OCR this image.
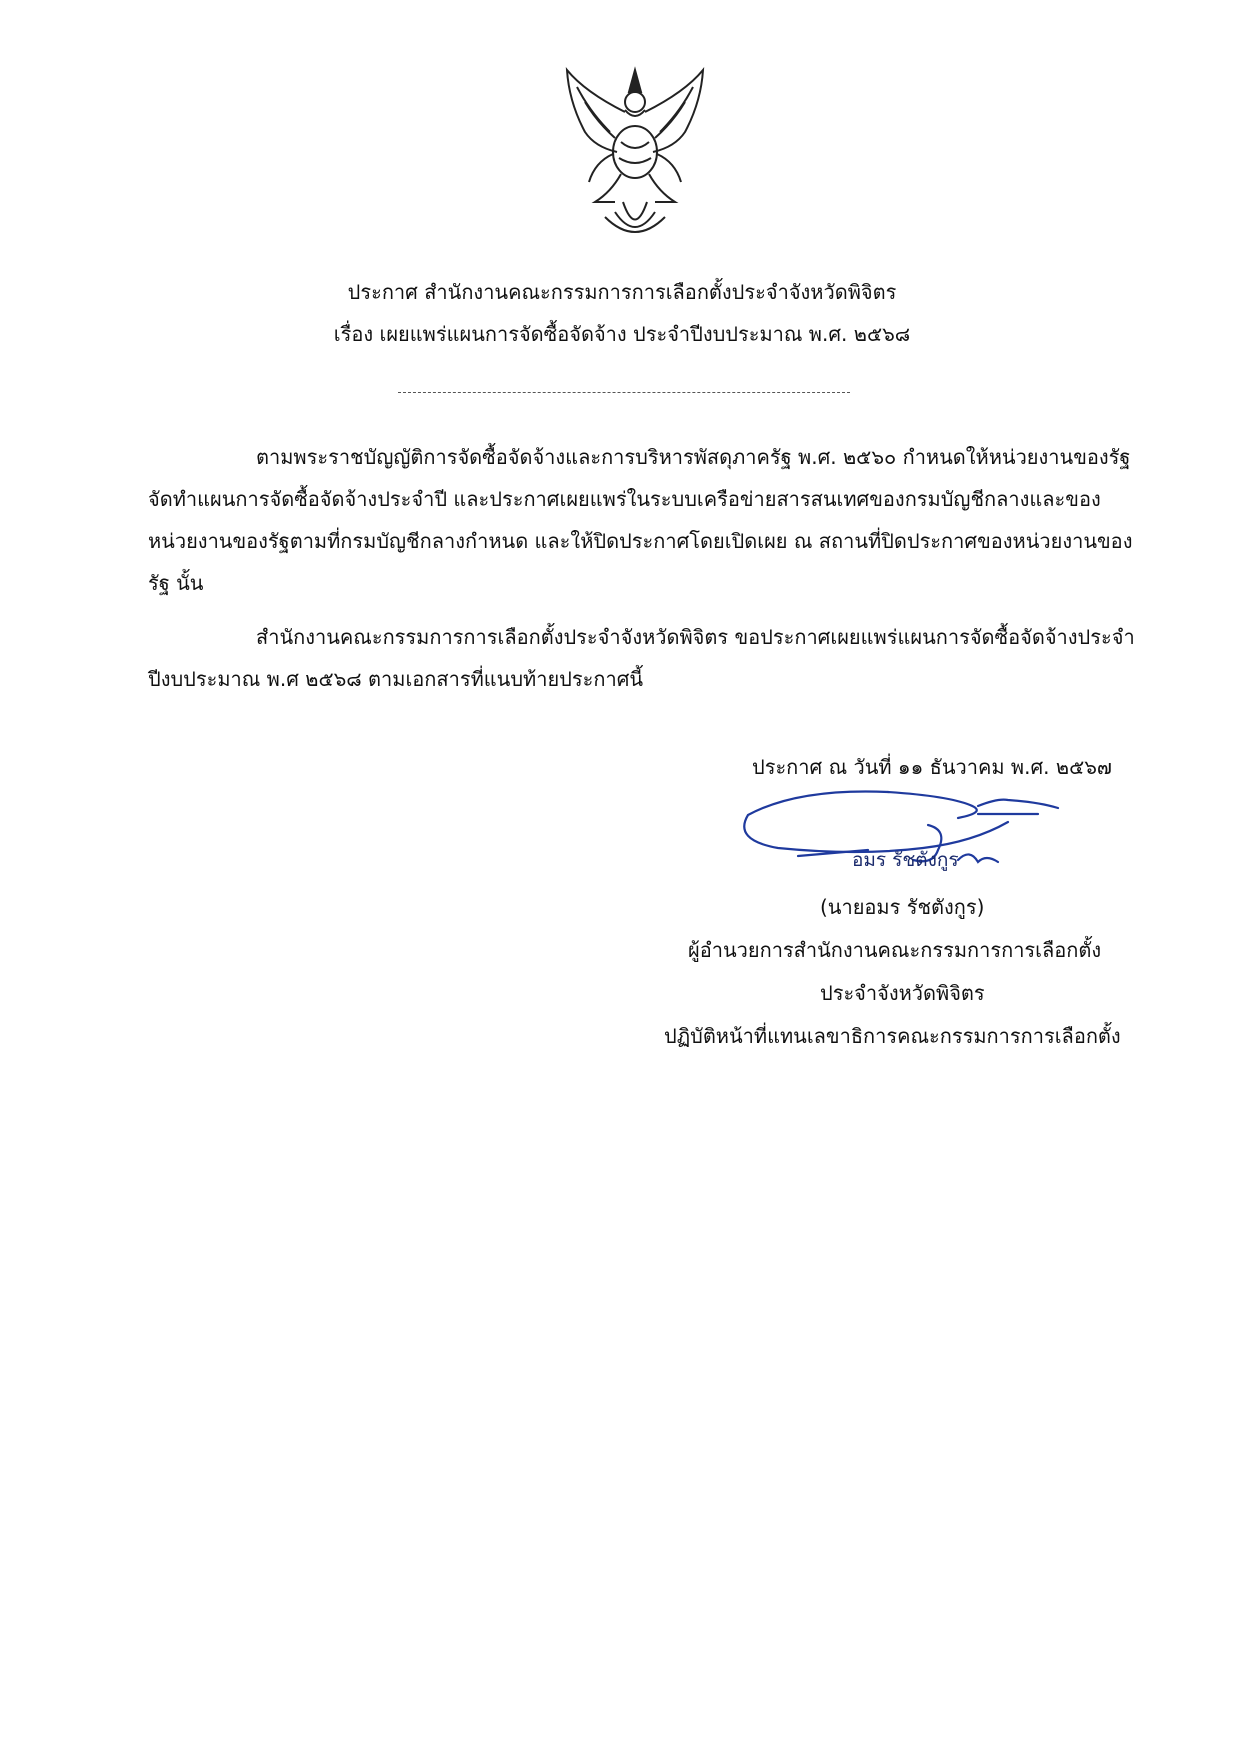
ประกาศ สำนักงานคณะกรรมการการเลือกตั้งประจำจังหวัดพิจิตร
เรื่อง เผยแพร่แผนการจัดซื้อจัดจ้าง ประจำปีงบประมาณ พ.ศ. ๒๕๖๘
ตามพระราชบัญญัติการจัดซื้อจัดจ้างและการบริหารพัสดุภาครัฐ พ.ศ. ๒๕๖๐ กำหนดให้หน่วยงานของรัฐจัดทำแผนการจัดซื้อจัดจ้างประจำปี และประกาศเผยแพร่ในระบบเครือข่ายสารสนเทศของกรมบัญชีกลางและของหน่วยงานของรัฐตามที่กรมบัญชีกลางกำหนด และให้ปิดประกาศโดยเปิดเผย ณ สถานที่ปิดประกาศของหน่วยงานของรัฐ นั้น
สำนักงานคณะกรรมการการเลือกตั้งประจำจังหวัดพิจิตร ขอประกาศเผยแพร่แผนการจัดซื้อจัดจ้างประจำปีงบประมาณ พ.ศ ๒๕๖๘ ตามเอกสารที่แนบท้ายประกาศนี้
ประกาศ ณ วันที่ ๑๑ ธันวาคม พ.ศ. ๒๕๖๗
อมร รัชตังกูร
(นายอมร รัชตังกูร)
ผู้อำนวยการสำนักงานคณะกรรมการการเลือกตั้ง
ประจำจังหวัดพิจิตร
ปฏิบัติหน้าที่แทนเลขาธิการคณะกรรมการการเลือกตั้ง
